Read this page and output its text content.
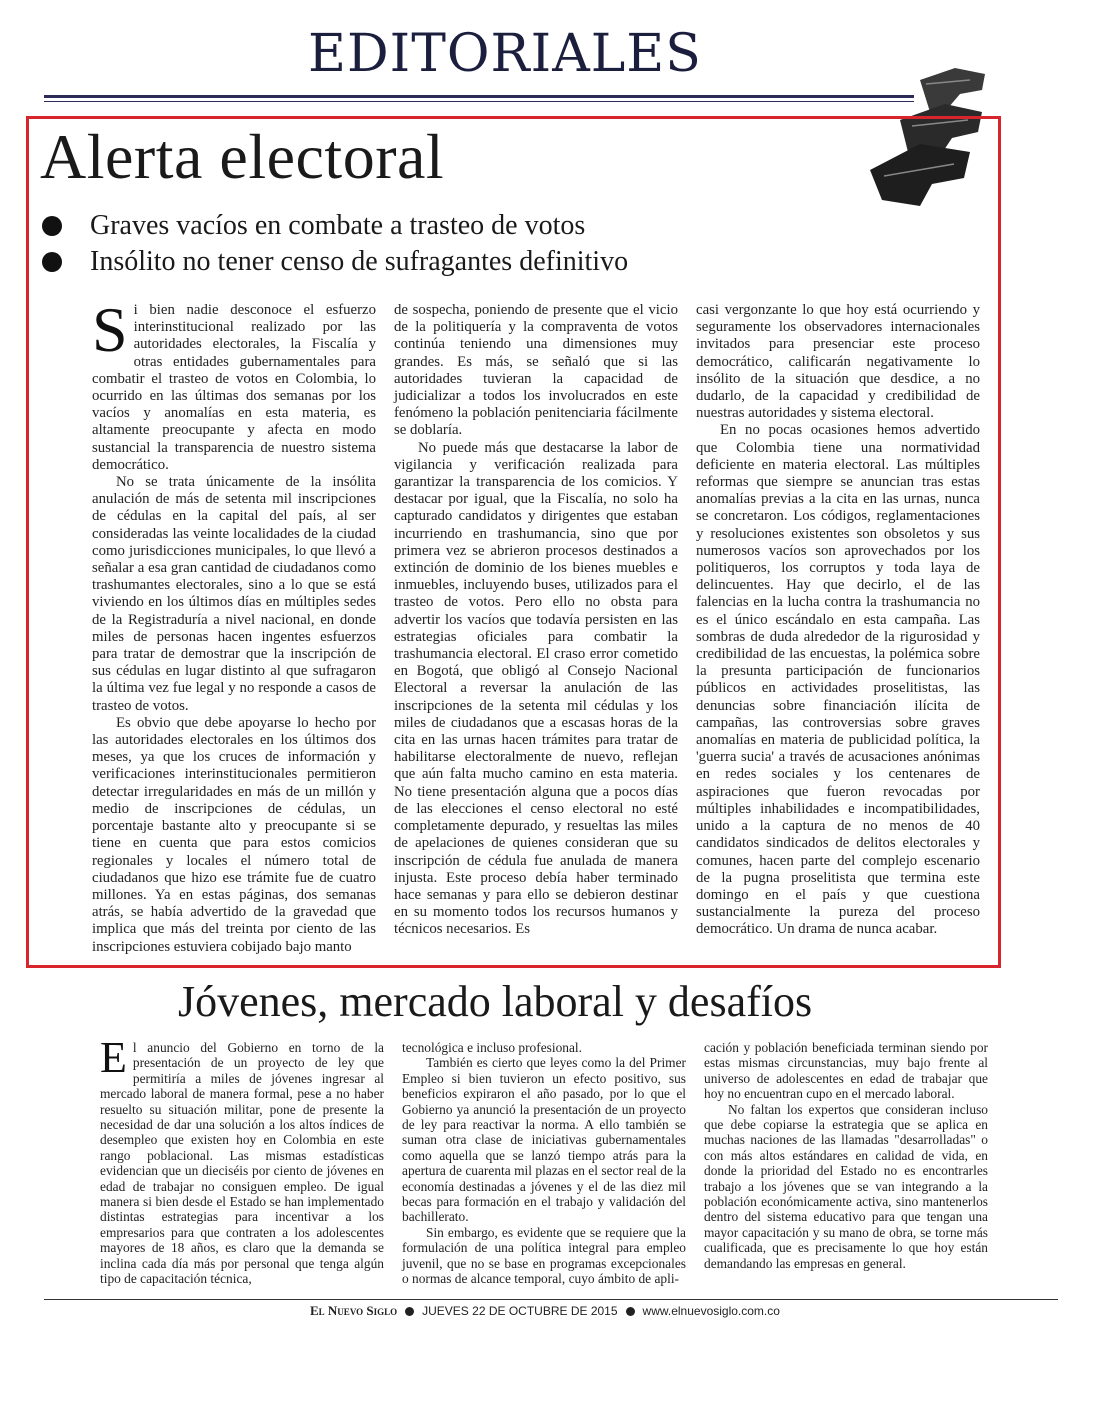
EDITORIALES
Alerta electoral
Graves vacíos en combate a trasteo de votos
Insólito no tener censo de sufragantes definitivo

Si bien nadie desconoce el esfuerzo interinstitucional realizado por las autoridades electorales, la Fiscalía y otras entidades gubernamentales para combatir el trasteo de votos en Colombia, lo ocurrido en las últimas dos semanas por los vacíos y anomalías en esta materia, es altamente preocupante y afecta en modo sustancial la transparencia de nuestro sistema democrático.

No se trata únicamente de la insólita anulación de más de setenta mil inscripciones de cédulas en la capital del país, al ser consideradas las veinte localidades de la ciudad como jurisdicciones municipales, lo que llevó a señalar a esa gran cantidad de ciudadanos como trashumantes electorales, sino a lo que se está viviendo en los últimos días en múltiples sedes de la Registraduría a nivel nacional, en donde miles de personas hacen ingentes esfuerzos para tratar de demostrar que la inscripción de sus cédulas en lugar distinto al que sufragaron la última vez fue legal y no responde a casos de trasteo de votos.

Es obvio que debe apoyarse lo hecho por las autoridades electorales en los últimos dos meses, ya que los cruces de información y verificaciones interinstitucionales permitieron detectar irregularidades en más de un millón y medio de inscripciones de cédulas, un porcentaje bastante alto y preocupante si se tiene en cuenta que para estos comicios regionales y locales el número total de ciudadanos que hizo ese trámite fue de cuatro millones. Ya en estas páginas, dos semanas atrás, se había advertido de la gravedad que implica que más del treinta por ciento de las inscripciones estuviera cobijado bajo manto

de sospecha, poniendo de presente que el vicio de la politiquería y la compraventa de votos continúa teniendo una dimensiones muy grandes. Es más, se señaló que si las autoridades tuvieran la capacidad de judicializar a todos los involucrados en este fenómeno la población penitenciaria fácilmente se doblaría.

No puede más que destacarse la labor de vigilancia y verificación realizada para garantizar la transparencia de los comicios. Y destacar por igual, que la Fiscalía, no solo ha capturado candidatos y dirigentes que estaban incurriendo en trashumancia, sino que por primera vez se abrieron procesos destinados a extinción de dominio de los bienes muebles e inmuebles, incluyendo buses, utilizados para el trasteo de votos. Pero ello no obsta para advertir los vacíos que todavía persisten en las estrategias oficiales para combatir la trashumancia electoral. El craso error cometido en Bogotá, que obligó al Consejo Nacional Electoral a reversar la anulación de las inscripciones de la setenta mil cédulas y los miles de ciudadanos que a escasas horas de la cita en las urnas hacen trámites para tratar de habilitarse electoralmente de nuevo, reflejan que aún falta mucho camino en esta materia. No tiene presentación alguna que a pocos días de las elecciones el censo electoral no esté completamente depurado, y resueltas las miles de apelaciones de quienes consideran que su inscripción de cédula fue anulada de manera injusta. Este proceso debía haber terminado hace semanas y para ello se debieron destinar en su momento todos los recursos humanos y técnicos necesarios. Es

casi vergonzante lo que hoy está ocurriendo y seguramente los observadores internacionales invitados para presenciar este proceso democrático, calificarán negativamente lo insólito de la situación que desdice, a no dudarlo, de la capacidad y credibilidad de nuestras autoridades y sistema electoral.

En no pocas ocasiones hemos advertido que Colombia tiene una normatividad deficiente en materia electoral. Las múltiples reformas que siempre se anuncian tras estas anomalías previas a la cita en las urnas, nunca se concretaron. Los códigos, reglamentaciones y resoluciones existentes son obsoletos y sus numerosos vacíos son aprovechados por los politiqueros, los corruptos y toda laya de delincuentes. Hay que decirlo, el de las falencias en la lucha contra la trashumancia no es el único escándalo en esta campaña. Las sombras de duda alrededor de la rigurosidad y credibilidad de las encuestas, la polémica sobre la presunta participación de funcionarios públicos en actividades proselitistas, las denuncias sobre financiación ilícita de campañas, las controversias sobre graves anomalías en materia de publicidad política, la 'guerra sucia' a través de acusaciones anónimas en redes sociales y los centenares de aspiraciones que fueron revocadas por múltiples inhabilidades e incompatibilidades, unido a la captura de no menos de 40 candidatos sindicados de delitos electorales y comunes, hacen parte del complejo escenario de la pugna proselitista que termina este domingo en el país y que cuestiona sustancialmente la pureza del proceso democrático. Un drama de nunca acabar.

Jóvenes, mercado laboral y desafíos

El anuncio del Gobierno en torno de la presentación de un proyecto de ley que permitiría a miles de jóvenes ingresar al mercado laboral de manera formal, pese a no haber resuelto su situación militar, pone de presente la necesidad de dar una solución a los altos índices de desempleo que existen hoy en Colombia en este rango poblacional. Las mismas estadísticas evidencian que un dieciséis por ciento de jóvenes en edad de trabajar no consiguen empleo. De igual manera si bien desde el Estado se han implementado distintas estrategias para incentivar a los empresarios para que contraten a los adolescentes mayores de 18 años, es claro que la demanda se inclina cada día más por personal que tenga algún tipo de capacitación técnica,

tecnológica e incluso profesional.

También es cierto que leyes como la del Primer Empleo si bien tuvieron un efecto positivo, sus beneficios expiraron el año pasado, por lo que el Gobierno ya anunció la presentación de un proyecto de ley para reactivar la norma. A ello también se suman otra clase de iniciativas gubernamentales como aquella que se lanzó tiempo atrás para la apertura de cuarenta mil plazas en el sector real de la economía destinadas a jóvenes y el de las diez mil becas para formación en el trabajo y validación del bachillerato.

Sin embargo, es evidente que se requiere que la formulación de una política integral para empleo juvenil, que no se base en programas excepcionales o normas de alcance temporal, cuyo ámbito de apli-

cación y población beneficiada terminan siendo por estas mismas circunstancias, muy bajo frente al universo de adolescentes en edad de trabajar que hoy no encuentran cupo en el mercado laboral.

No faltan los expertos que consideran incluso que debe copiarse la estrategia que se aplica en muchas naciones de las llamadas "desarrolladas" o con más altos estándares en calidad de vida, en donde la prioridad del Estado no es encontrarles trabajo a los jóvenes que se van integrando a la población económicamente activa, sino mantenerlos dentro del sistema educativo para que tengan una mayor capacitación y su mano de obra, se torne más cualificada, que es precisamente lo que hoy están demandando las empresas en general.

El Nuevo Siglo JUEVES 22 DE OCTUBRE DE 2015 www.elnuevosiglo.com.co
